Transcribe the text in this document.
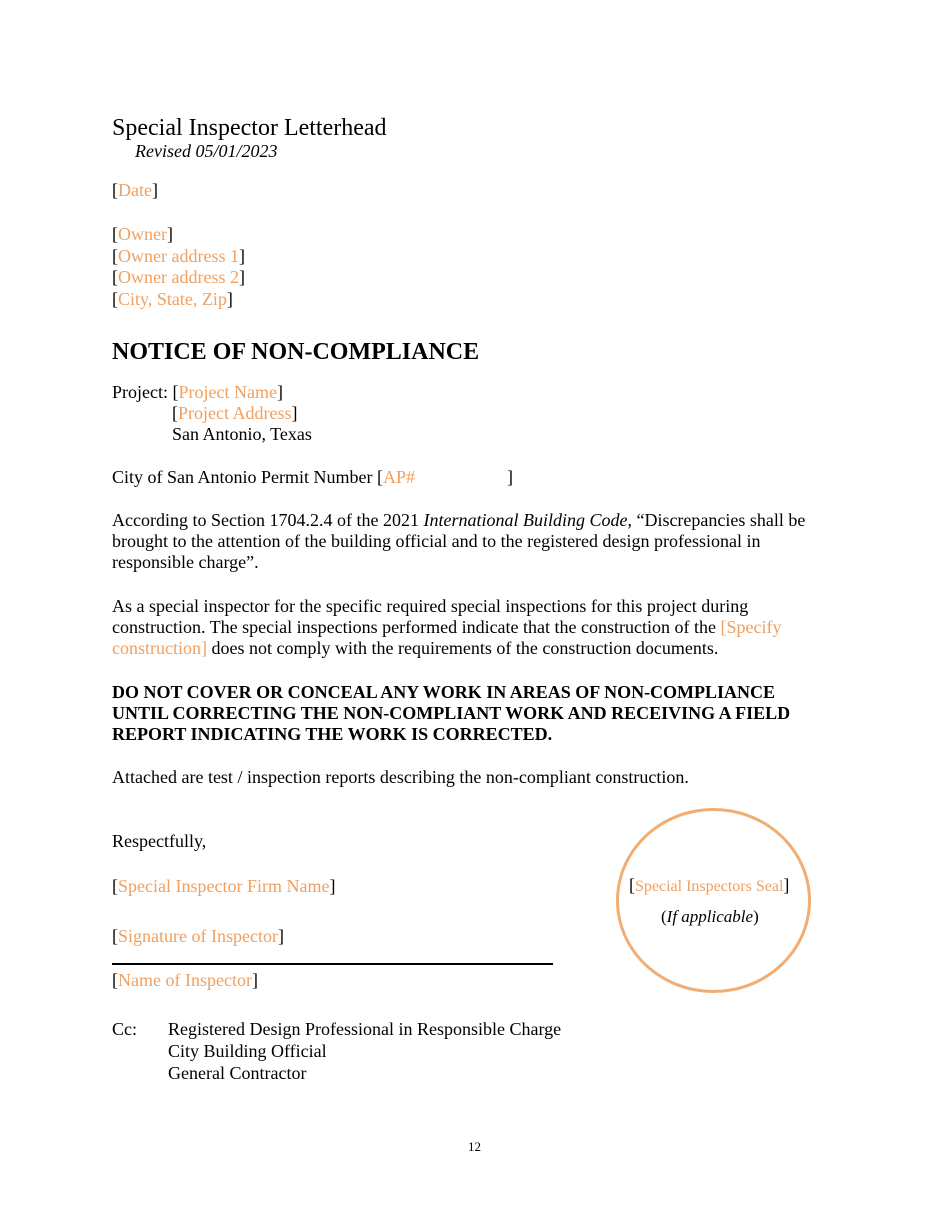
Special Inspector Letterhead
Revised 05/01/2023
[Date]
[Owner]
[Owner address 1]
[Owner address 2]
[City, State, Zip]
NOTICE OF NON-COMPLIANCE
Project: [Project Name]
[Project Address]
San Antonio, Texas
City of San Antonio Permit Number [AP#	]
According to Section 1704.2.4 of the 2021 International Building Code, “Discrepancies shall be brought to the attention of the building official and to the registered design professional in responsible charge”.
As a special inspector for the specific required special inspections for this project during construction. The special inspections performed indicate that the construction of the [Specify construction] does not comply with the requirements of the construction documents.
DO NOT COVER OR CONCEAL ANY WORK IN AREAS OF NON-COMPLIANCE UNTIL CORRECTING THE NON-COMPLIANT WORK AND RECEIVING A FIELD REPORT INDICATING THE WORK IS CORRECTED.
Attached are test / inspection reports describing the non-compliant construction.
Respectfully,
[Special Inspector Firm Name]
[Signature of Inspector]
[Name of Inspector]
[Special Inspectors Seal]
(If applicable)
Cc: Registered Design Professional in Responsible Charge
City Building Official
General Contractor
12
